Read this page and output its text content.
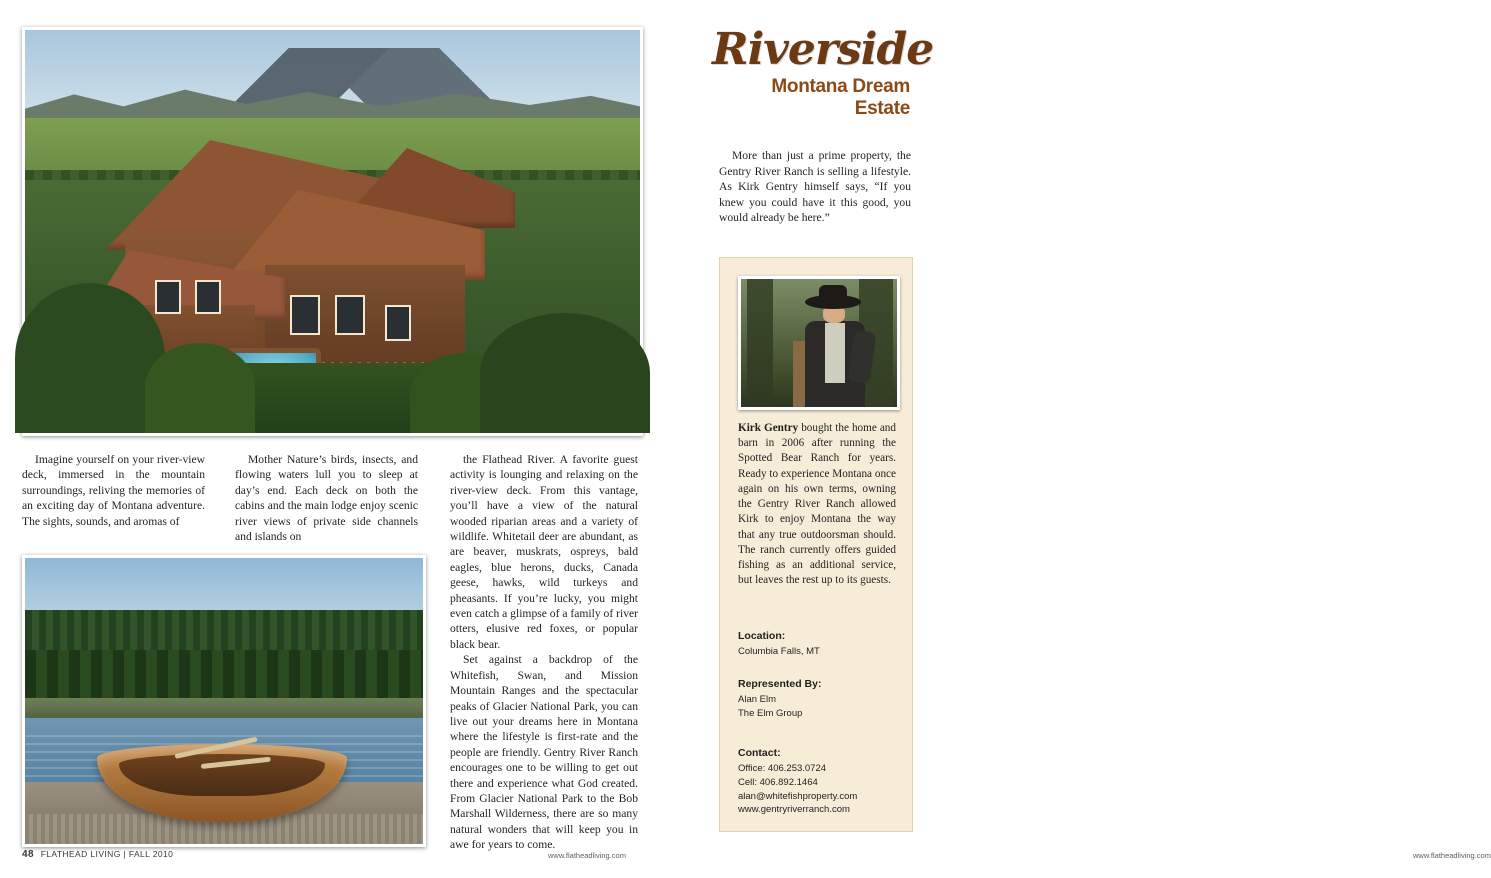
Imagine yourself on your river-view deck, immersed in the mountain surroundings, reliving the memories of an exciting day of Montana adventure. The sights, sounds, and aromas of

Mother Nature’s birds, insects, and flowing waters lull you to sleep at day’s end. Each deck on both the cabins and the main lodge enjoy scenic river views of private side channels and islands on

the Flathead River. A favorite guest activity is lounging and relaxing on the river-view deck. From this vantage, you’ll have a view of the natural wooded riparian areas and a variety of wildlife. Whitetail deer are abundant, as are beaver, muskrats, ospreys, bald eagles, blue herons, ducks, Canada geese, hawks, wild turkeys and pheasants. If you’re lucky, you might even catch a glimpse of a family of river otters, elusive red foxes, or popular black bear.

Set against a backdrop of the Whitefish, Swan, and Mission Mountain Ranges and the spectacular peaks of Glacier National Park, you can live out your dreams here in Montana where the lifestyle is first-rate and the people are friendly. Gentry River Ranch encourages one to be willing to get out there and experience what God created. From Glacier National Park to the Bob Marshall Wilderness, there are so many natural wonders that will keep you in awe for years to come.

48 FLATHEAD LIVING | FALL 2010	www.flatheadliving.com
Riverside
Montana Dream Estate

More than just a prime property, the Gentry River Ranch is selling a lifestyle. As Kirk Gentry himself says, “If you knew you could have it this good, you would already be here.”

www.flatheadliving.com
Kirk Gentry bought the home and barn in 2006 after running the Spotted Bear Ranch for years. Ready to experience Montana once again on his own terms, owning the Gentry River Ranch allowed Kirk to enjoy Montana the way that any true outdoorsman should. The ranch currently offers guided fishing as an additional service, but leaves the rest up to its guests.
Location:
Columbia Falls, MT
Represented By:
Alan Elm
The Elm Group
Contact:
Office: 406.253.0724
Cell: 406.892.1464
alan@whitefishproperty.com
www.gentryriverranch.com
